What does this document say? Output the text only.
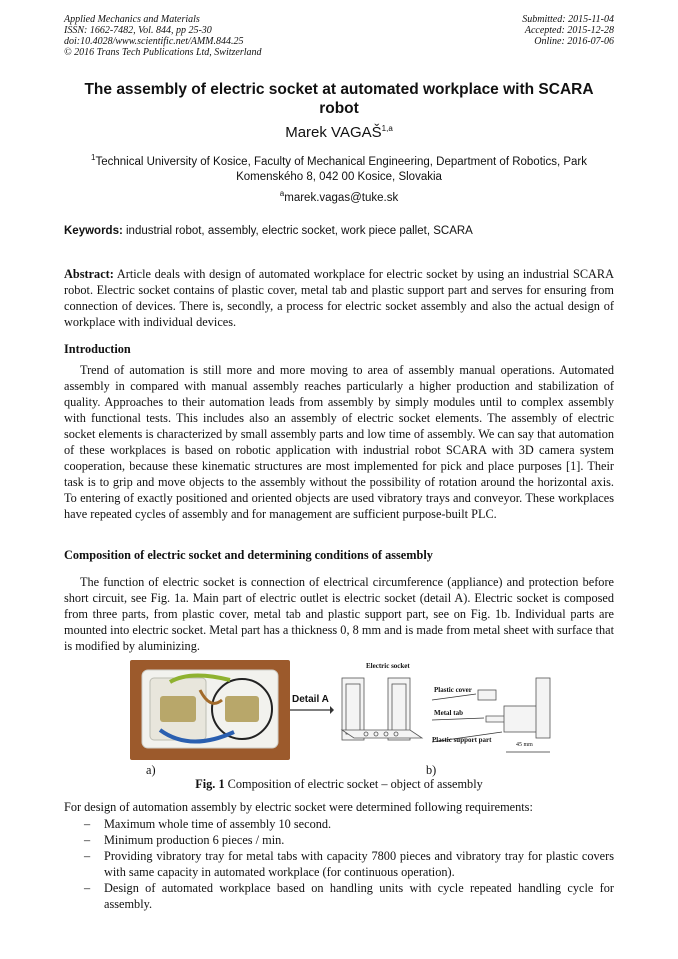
Applied Mechanics and Materials
ISSN: 1662-7482, Vol. 844, pp 25-30
doi:10.4028/www.scientific.net/AMM.844.25
© 2016 Trans Tech Publications Ltd, Switzerland
Submitted: 2015-11-04
Accepted: 2015-12-28
Online: 2016-07-06
The assembly of electric socket at automated workplace with SCARA robot
Marek VAGAŠ$^{1,a}$
$^1$Technical University of Kosice, Faculty of Mechanical Engineering, Department of Robotics, Park Komenského 8, 042 00 Kosice, Slovakia
$^a$marek.vagas@tuke.sk
Keywords: industrial robot, assembly, electric socket, work piece pallet, SCARA
Abstract: Article deals with design of automated workplace for electric socket by using an industrial SCARA robot. Electric socket contains of plastic cover, metal tab and plastic support part and serves for ensuring from connection of devices. There is, secondly, a process for electric socket assembly and also the actual design of workplace with individual devices.
Introduction
Trend of automation is still more and more moving to area of assembly manual operations. Automated assembly in compared with manual assembly reaches particularly a higher production and stabilization of quality. Approaches to their automation leads from assembly by simply modules until to complex assembly with functional tests. This includes also an assembly of electric socket elements. The assembly of electric socket elements is characterized by small assembly parts and low time of assembly. We can say that automation of these workplaces is based on robotic application with industrial robot SCARA with 3D camera system cooperation, because these kinematic structures are most implemented for pick and place purposes [1]. Their task is to grip and move objects to the assembly without the possibility of rotation around the horizontal axis. To entering of exactly positioned and oriented objects are used vibratory trays and conveyor. These workplaces have repeated cycles of assembly and for management are sufficient purpose-built PLC.
Composition of electric socket and determining conditions of assembly
The function of electric socket is connection of electrical circumference (appliance) and protection before short circuit, see Fig. 1a. Main part of electric outlet is electric socket (detail A). Electric socket is composed from three parts, from plastic cover, metal tab and plastic support part, see on Fig. 1b. Individual parts are mounted into electric socket. Metal part has a thickness 0, 8 mm and is made from metal sheet with surface that is modified by aluminizing.
Detail A
Electric socket
Plastic cover
Metal tab
Plastic support part
45 mm
a)	b)
Fig. 1 Composition of electric socket – object of assembly
For design of automation assembly by electric socket were determined following requirements:
– Maximum whole time of assembly 10 second.
– Minimum production 6 pieces / min.
– Providing vibratory tray for metal tabs with capacity 7800 pieces and vibratory tray for plastic covers with same capacity in automated workplace (for continuous operation).
– Design of automated workplace based on handling units with cycle repeated handling cycle for assembly.
